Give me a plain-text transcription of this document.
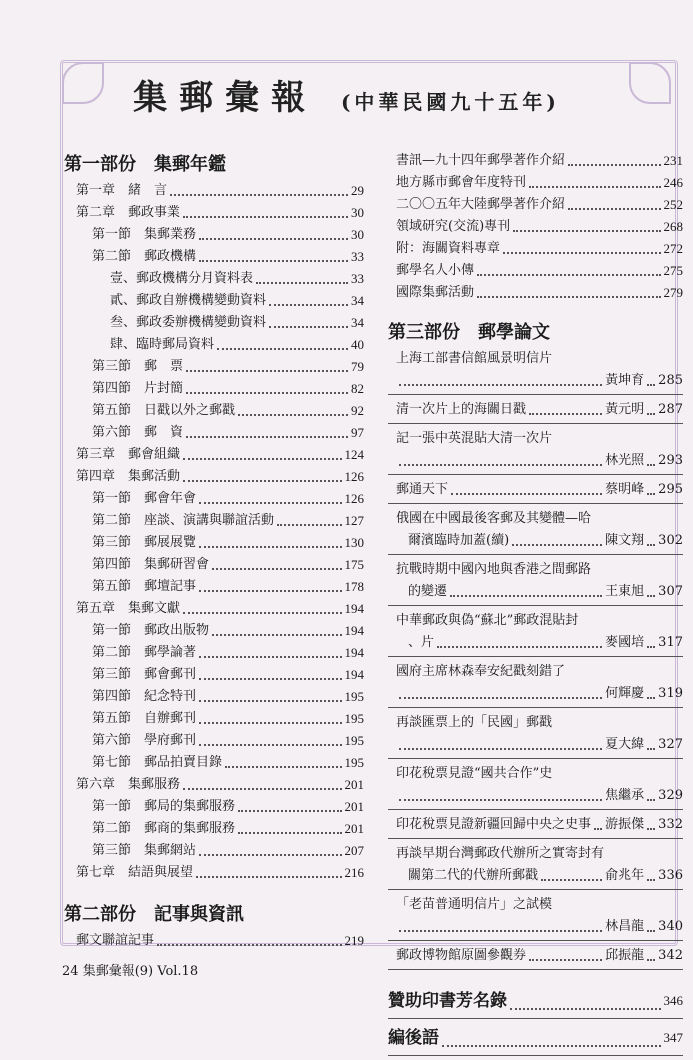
集郵彙報 (中華民國九十五年)
第一部份　集郵年鑑
第一章　緒　言	29
第二章　郵政事業	30
第一節　集郵業務	30
第二節　郵政機構	33
壹、郵政機構分月資料表	33
貳、郵政自辦機構變動資料	34
叁、郵政委辦機構變動資料	34
肆、臨時郵局資料	40
第三節　郵　票	79
第四節　片封簡	82
第五節　日戳以外之郵戳	92
第六節　郵　資	97
第三章　郵會組織	124
第四章　集郵活動	126
第一節　郵會年會	126
第二節　座談、演講與聯誼活動	127
第三節　郵展展覽	130
第四節　集郵研習會	175
第五節　郵壇記事	178
第五章　集郵文獻	194
第一節　郵政出版物	194
第二節　郵學論著	194
第三節　郵會郵刊	194
第四節　紀念特刊	195
第五節　自辦郵刊	195
第六節　學府郵刊	195
第七節　郵品拍賣目錄	195
第六章　集郵服務	201
第一節　郵局的集郵服務	201
第二節　郵商的集郵服務	201
第三節　集郵網站	207
第七章　結語與展望	216
第二部份　記事與資訊
郵文聯誼記事	219
書訊—九十四年郵學著作介紹	231
地方縣市郵會年度特刊	246
二〇〇五年大陸郵學著作介紹	252
領域研究(交流)專刊	268
附：海關資料專章	272
郵學名人小傳	275
國際集郵活動	279
第三部份　郵學論文
上海工部書信館風景明信片
黃坤育 285
清一次片上的海關日戳	黃元明 287
記一張中英混貼大清一次片
林光照 293
郵通天下	蔡明峰 295
俄國在中國最後客郵及其變體—哈
爾濱臨時加蓋(續)	陳文翔 302
抗戰時期中國內地與香港之間郵路
的變遷	王東旭 307
中華郵政與偽“蘇北”郵政混貼封
、片	麥國培 317
國府主席林森奉安紀戳刻錯了
何輝慶 319
再談匯票上的「民國」郵戳
夏大緯 327
印花稅票見證“國共合作”史
焦繼承 329
印花稅票見證新疆回歸中央之史事 游振傑 332
再談早期台灣郵政代辦所之實寄封有
關第二代的代辦所郵戳	俞兆年 336
「老苗普通明信片」之試模
林昌龍 340
郵政博物館原圖參觀券	邱振龍 342
贊助印書芳名錄	346
編後語	347
24 集郵彙報(9) Vol.18
